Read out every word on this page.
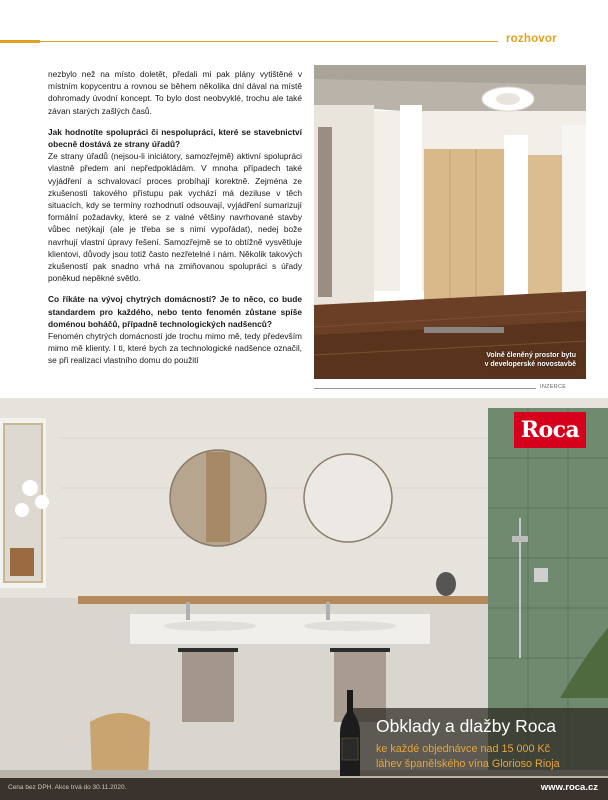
rozhovor

nezbylo než na místo doletět, předali mi pak plány vytištěné v místním kopycentru a rovnou se během několika dní dával na místě dohromady úvodní koncept. To bylo dost neobvyklé, trochu ale také závan starých zašlých časů.

Jak hodnotíte spolupráci či nespolupráci, které se stavebnictví obecně dostává ze strany úřadů?

Ze strany úřadů (nejsou-li iniciátory, samozřejmě) aktivní spolupráci vlastně předem ani nepředpokládám. V mnoha případech také vyjádření a schvalovací proces probíhají korektně. Zejména ze zkušenosti takového přístupu pak vychází má deziluse v těch situacích, kdy se termíny rozhodnutí odsouvají, vyjádření sumarizují formální požadavky, které se z valné většiny navrhované stavby vůbec netýkají (ale je třeba se s nimi vypořádat), nedej bože navrhují vlastní úpravy řešení. Samozřejmě se to obtížně vysvětluje klientovi, důvody jsou totiž často nezřetelné i nám. Několik takových zkušeností pak snadno vrhá na zmiňovanou spolupráci s úřady poněkud nepěkné světlo.

Co říkáte na vývoj chytrých domácností? Je to něco, co bude standardem pro každého, nebo tento fenomén zůstane spíše doménou boháčů, případně technologických nadšenců?

Fenomén chytrých domácností jde trochu mimo mě, tedy především mimo mě klienty. I ti, které bych za technologické nadšence označil, se při realizaci vlastního domu do použití	Volně členěný prostor bytu
v developerské novostavbě
INZERCE
Roca
Obklady a dlažby Roca
ke každé objednávce nad 15 000 Kč
láhev španělského vína Glorioso Rioja
Cena bez DPH. Akce trvá do 30.11.2020.	www.roca.cz
